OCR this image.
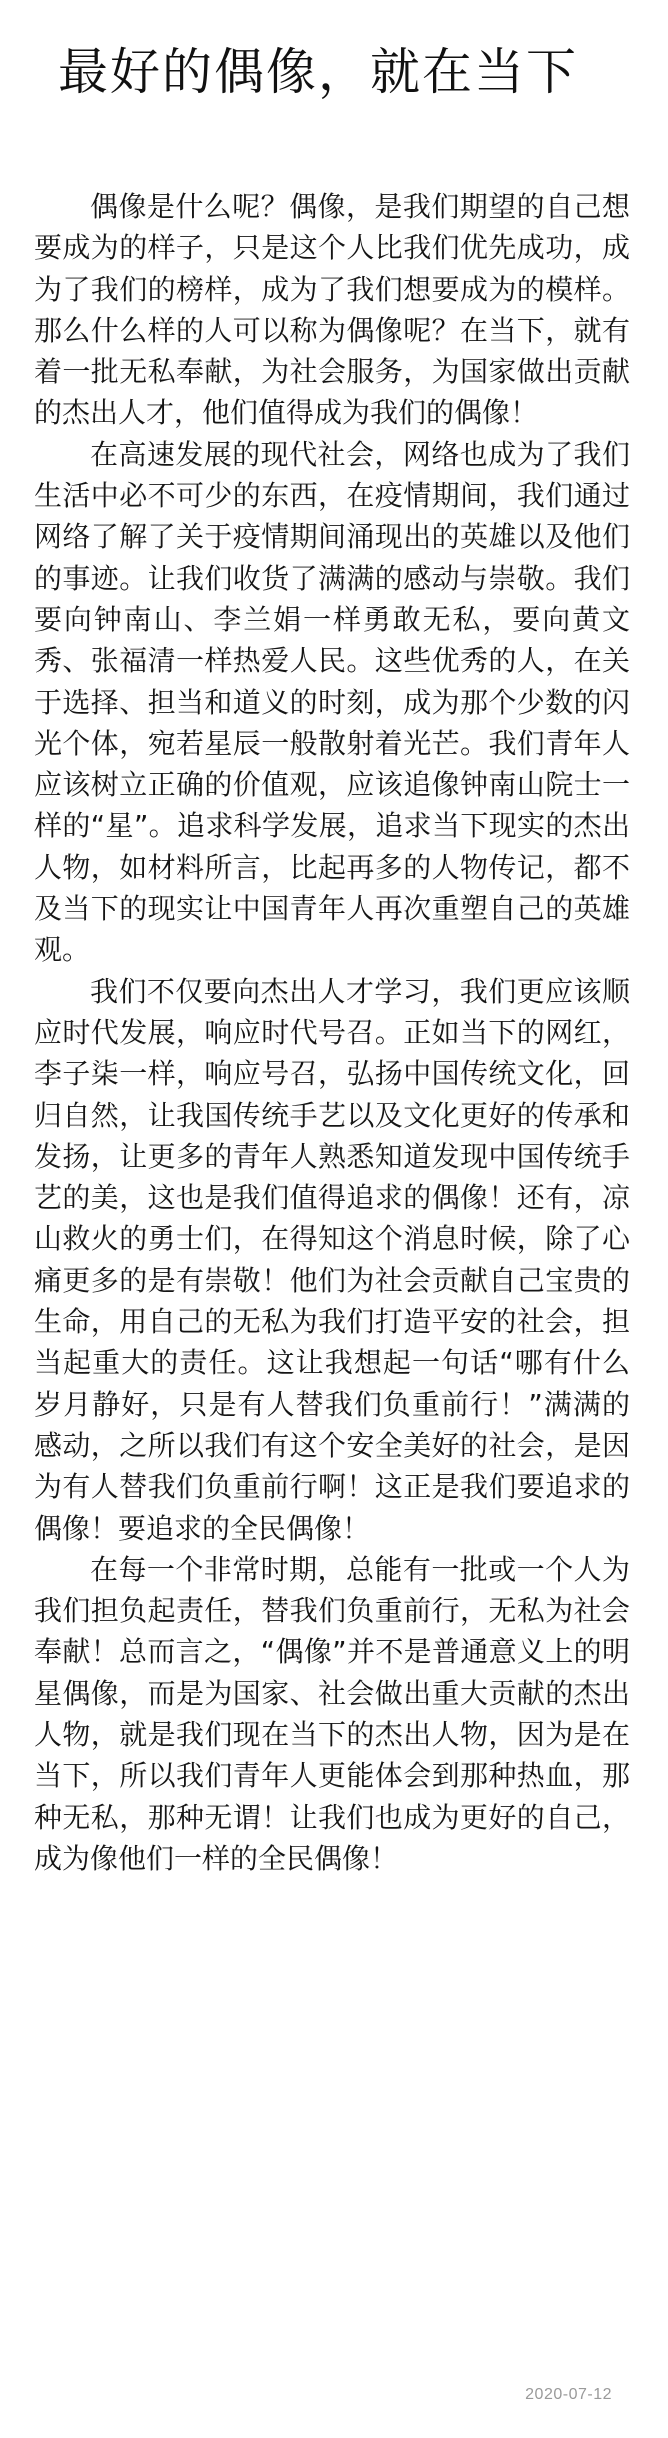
最好的偶像，就在当下

偶像是什么呢？偶像，是我们期望的自己想要成为的样子，只是这个人比我们优先成功，成为了我们的榜样，成为了我们想要成为的模样。那么什么样的人可以称为偶像呢？在当下，就有着一批无私奉献，为社会服务，为国家做出贡献的杰出人才，他们值得成为我们的偶像！

在高速发展的现代社会，网络也成为了我们生活中必不可少的东西，在疫情期间，我们通过网络了解了关于疫情期间涌现出的英雄以及他们的事迹。让我们收货了满满的感动与崇敬。我们要向钟南山、李兰娟一样勇敢无私，要向黄文秀、张福清一样热爱人民。这些优秀的人，在关于选择、担当和道义的时刻，成为那个少数的闪光个体，宛若星辰一般散射着光芒。我们青年人应该树立正确的价值观，应该追像钟南山院士一样的“星”。追求科学发展，追求当下现实的杰出人物，如材料所言，比起再多的人物传记，都不及当下的现实让中国青年人再次重塑自己的英雄观。

我们不仅要向杰出人才学习，我们更应该顺应时代发展，响应时代号召。正如当下的网红，李子柒一样，响应号召，弘扬中国传统文化，回归自然，让我国传统手艺以及文化更好的传承和发扬，让更多的青年人熟悉知道发现中国传统手艺的美，这也是我们值得追求的偶像！还有，凉山救火的勇士们，在得知这个消息时候，除了心痛更多的是有崇敬！他们为社会贡献自己宝贵的生命，用自己的无私为我们打造平安的社会，担当起重大的责任。这让我想起一句话“哪有什么岁月静好，只是有人替我们负重前行！”满满的感动，之所以我们有这个安全美好的社会，是因为有人替我们负重前行啊！这正是我们要追求的偶像！要追求的全民偶像！

在每一个非常时期，总能有一批或一个人为我们担负起责任，替我们负重前行，无私为社会奉献！总而言之，“偶像”并不是普通意义上的明星偶像，而是为国家、社会做出重大贡献的杰出人物，就是我们现在当下的杰出人物，因为是在当下，所以我们青年人更能体会到那种热血，那种无私，那种无谓！让我们也成为更好的自己，成为像他们一样的全民偶像！

2020-07-12
